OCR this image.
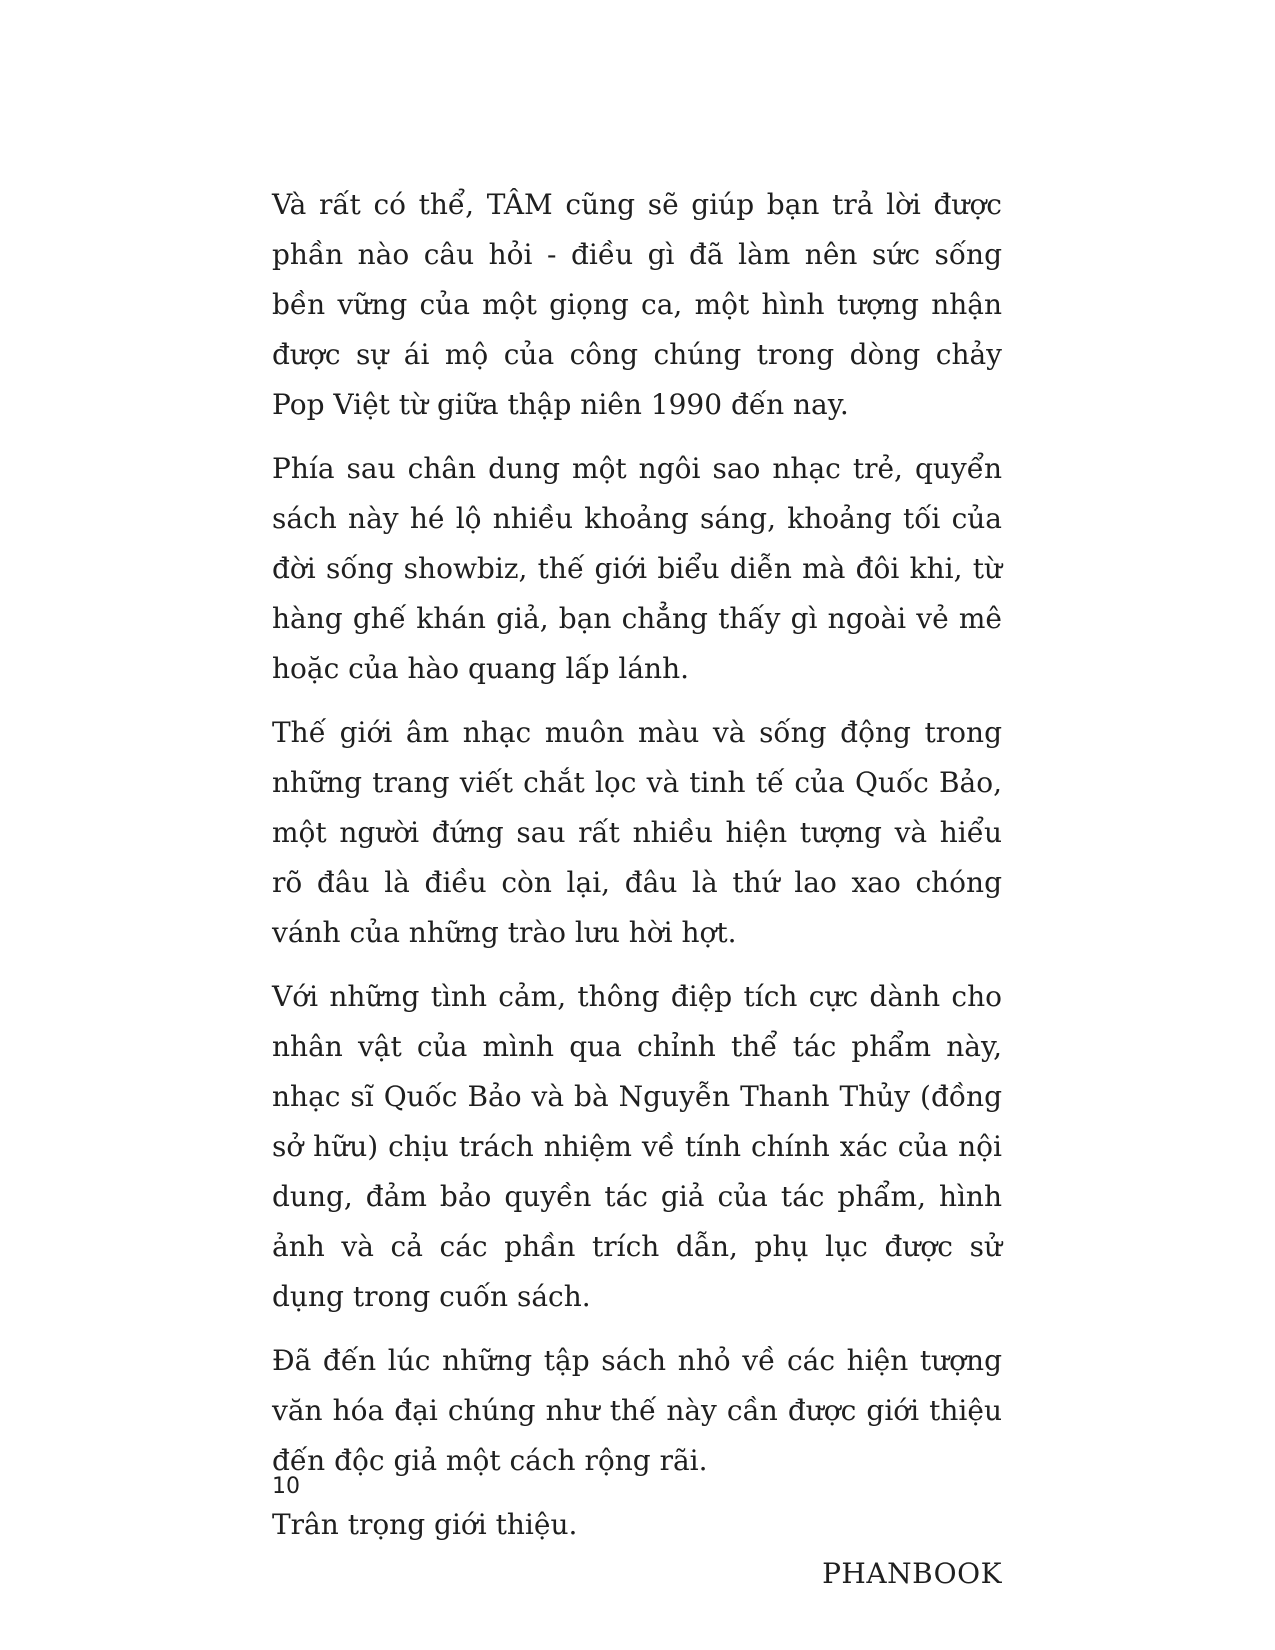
Và rất có thể, TÂM cũng sẽ giúp bạn trả lời được phần nào câu hỏi - điều gì đã làm nên sức sống bền vững của một giọng ca, một hình tượng nhận được sự ái mộ của công chúng trong dòng chảy Pop Việt từ giữa thập niên 1990 đến nay.

Phía sau chân dung một ngôi sao nhạc trẻ, quyển sách này hé lộ nhiều khoảng sáng, khoảng tối của đời sống showbiz, thế giới biểu diễn mà đôi khi, từ hàng ghế khán giả, bạn chẳng thấy gì ngoài vẻ mê hoặc của hào quang lấp lánh.

Thế giới âm nhạc muôn màu và sống động trong những trang viết chắt lọc và tinh tế của Quốc Bảo, một người đứng sau rất nhiều hiện tượng và hiểu rõ đâu là điều còn lại, đâu là thứ lao xao chóng vánh của những trào lưu hời hợt.

Với những tình cảm, thông điệp tích cực dành cho nhân vật của mình qua chỉnh thể tác phẩm này, nhạc sĩ Quốc Bảo và bà Nguyễn Thanh Thủy (đồng sở hữu) chịu trách nhiệm về tính chính xác của nội dung, đảm bảo quyền tác giả của tác phẩm, hình ảnh và cả các phần trích dẫn, phụ lục được sử dụng trong cuốn sách.

Đã đến lúc những tập sách nhỏ về các hiện tượng văn hóa đại chúng như thế này cần được giới thiệu đến độc giả một cách rộng rãi.

Trân trọng giới thiệu.

PHANBOOK

10
